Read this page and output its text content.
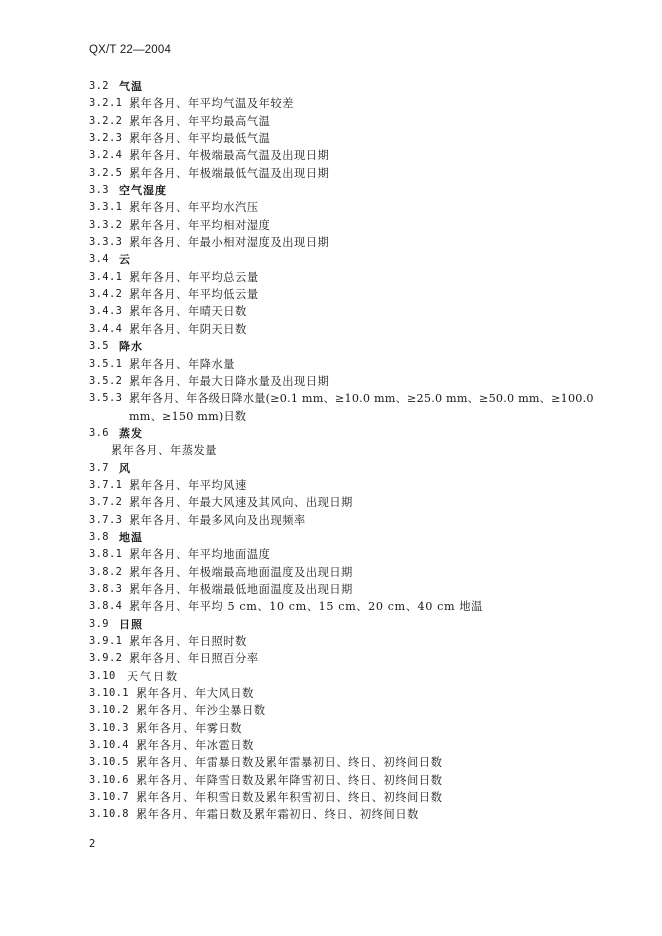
QX/T 22—2004
3.2 气温
3.2.1 累年各月、年平均气温及年较差
3.2.2 累年各月、年平均最高气温
3.2.3 累年各月、年平均最低气温
3.2.4 累年各月、年极端最高气温及出现日期
3.2.5 累年各月、年极端最低气温及出现日期
3.3 空气湿度
3.3.1 累年各月、年平均水汽压
3.3.2 累年各月、年平均相对湿度
3.3.3 累年各月、年最小相对湿度及出现日期
3.4 云
3.4.1 累年各月、年平均总云量
3.4.2 累年各月、年平均低云量
3.4.3 累年各月、年晴天日数
3.4.4 累年各月、年阴天日数
3.5 降水
3.5.1 累年各月、年降水量
3.5.2 累年各月、年最大日降水量及出现日期
3.5.3 累年各月、年各级日降水量(≥0.1 mm、≥10.0 mm、≥25.0 mm、≥50.0 mm、≥100.0 mm、≥150 mm)日数
3.6 蒸发
累年各月、年蒸发量
3.7 风
3.7.1 累年各月、年平均风速
3.7.2 累年各月、年最大风速及其风向、出现日期
3.7.3 累年各月、年最多风向及出现频率
3.8 地温
3.8.1 累年各月、年平均地面温度
3.8.2 累年各月、年极端最高地面温度及出现日期
3.8.3 累年各月、年极端最低地面温度及出现日期
3.8.4 累年各月、年平均 5 cm、10 cm、15 cm、20 cm、40 cm 地温
3.9 日照
3.9.1 累年各月、年日照时数
3.9.2 累年各月、年日照百分率
3.10	天气日数
3.10.1 累年各月、年大风日数
3.10.2 累年各月、年沙尘暴日数
3.10.3 累年各月、年雾日数
3.10.4 累年各月、年冰雹日数
3.10.5 累年各月、年雷暴日数及累年雷暴初日、终日、初终间日数
3.10.6 累年各月、年降雪日数及累年降雪初日、终日、初终间日数
3.10.7 累年各月、年积雪日数及累年积雪初日、终日、初终间日数
3.10.8 累年各月、年霜日数及累年霜初日、终日、初终间日数
2
